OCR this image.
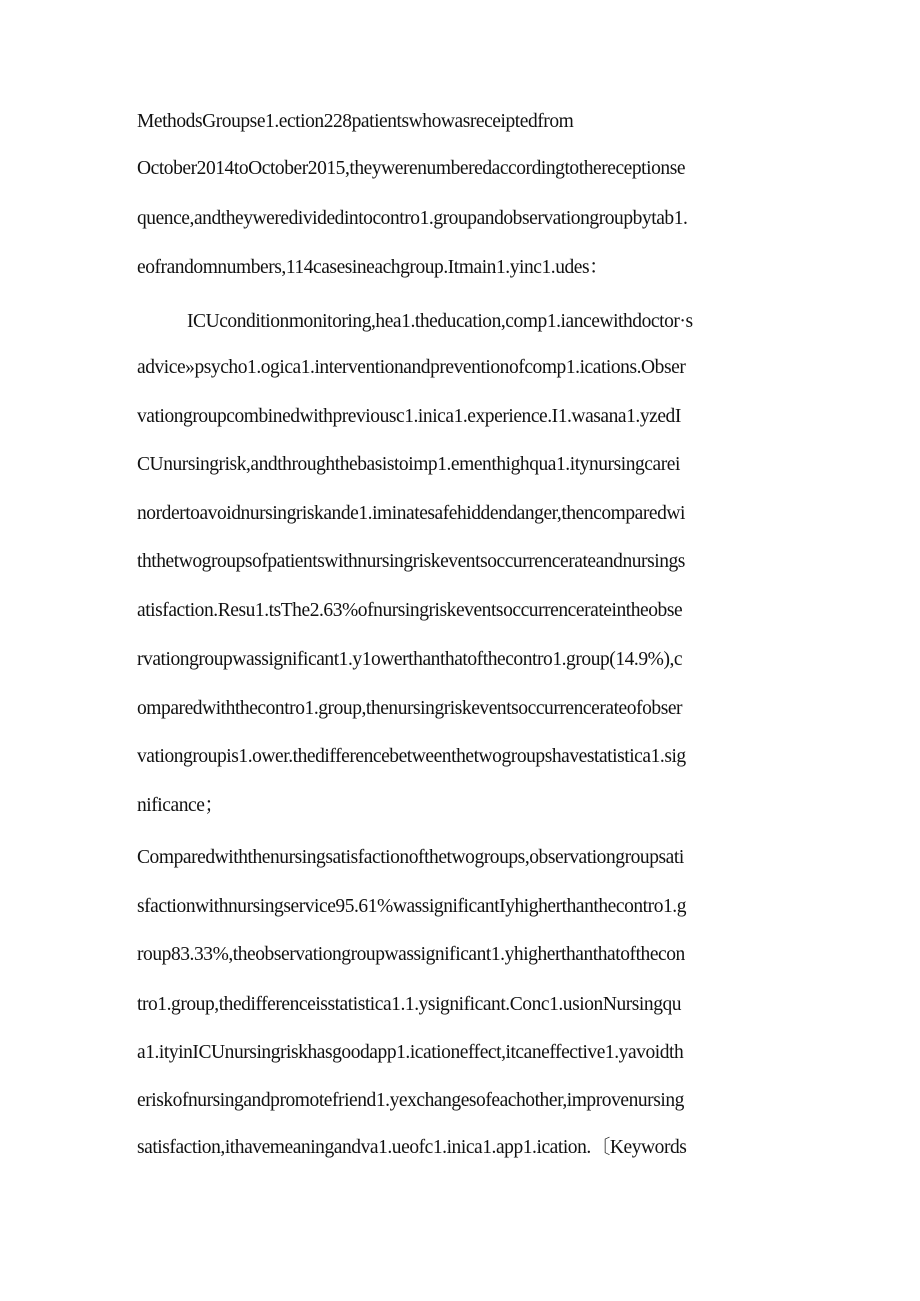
MethodsGroupse1.ection228patientswhowasreceiptedfrom
October2014toOctober2015,theywerenumberedaccordingtothereceptionse
quence,andtheyweredividedintocontro1.groupandobservationgroupbytab1.
eofrandomnumbers,114casesineachgroup.Itmain1.yinc1.udes：
ICUconditionmonitoring,hea1.theducation,comp1.iancewithdoctor·s
advice»psycho1.ogica1.interventionandpreventionofcomp1.ications.Obser
vationgroupcombinedwithpreviousc1.inica1.experience.I1.wasana1.yzedI
CUnursingrisk,andthroughthebasistoimp1.ementhighqua1.itynursingcarei
nordertoavoidnursingriskande1.iminatesafehiddendanger,thencomparedwi
ththetwogroupsofpatientswithnursingriskeventsoccurrencerateandnursings
atisfaction.Resu1.tsThe2.63%ofnursingriskeventsoccurrencerateintheobse
rvationgroupwassignificant1.y1owerthanthatofthecontro1.group(14.9%),c
omparedwiththecontro1.group,thenursingriskeventsoccurrencerateofobser
vationgroupis1.ower.thedifferencebetweenthetwogroupshavestatistica1.sig
nificance；
Comparedwiththenursingsatisfactionofthetwogroups,observationgroupsati
sfactionwithnursingservice95.61%wassignificantIyhigherthanthecontro1.g
roup83.33%,theobservationgroupwassignificant1.yhigherthanthatofthecon
tro1.group,thedifferenceisstatistica1.1.ysignificant.Conc1.usionNursingqu
a1.ityinICUnursingriskhasgoodapp1.icationeffect,itcaneffective1.yavoidth
eriskofnursingandpromotefriend1.yexchangesofeachother,improvenursing
satisfaction,ithavemeaningandva1.ueofc1.inica1.app1.ication.〔Keywords
